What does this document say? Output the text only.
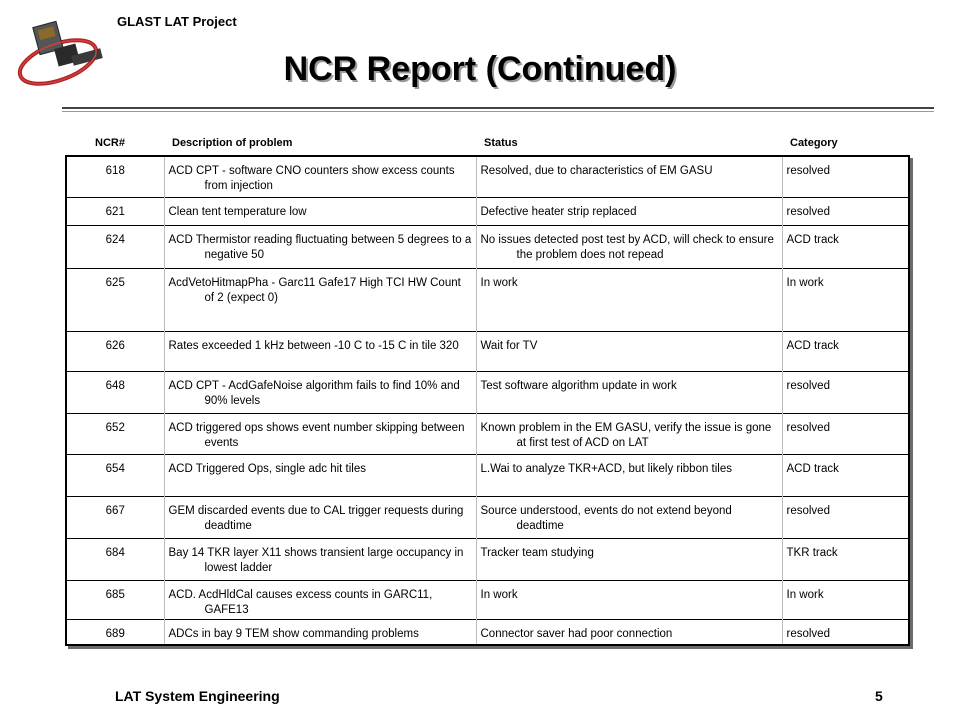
GLAST LAT Project
NCR Report (Continued)
NCR#	Description of problem	Status	Category
618	ACD CPT - software CNO counters show excess counts from injection	Resolved, due to characteristics of EM GASU	resolved
621	Clean tent temperature low	Defective heater strip replaced	resolved
624	ACD Thermistor reading fluctuating between 5 degrees to a negative 50	No issues detected post test by ACD, will check to ensure the problem does not repead	ACD track
625	AcdVetoHitmapPha - Garc11 Gafe17 High TCI HW Count of 2 (expect 0)	In work	In work
626	Rates exceeded 1 kHz between -10 C to -15 C in tile 320	Wait for TV	ACD track
648	ACD CPT - AcdGafeNoise algorithm fails to find 10% and 90% levels	Test software algorithm update in work	resolved
652	ACD triggered ops shows event number skipping between events	Known problem in the EM GASU, verify the issue is gone at first test of ACD on LAT	resolved
654	ACD Triggered Ops, single adc hit tiles	L.Wai to analyze TKR+ACD, but likely ribbon tiles	ACD track
667	GEM discarded events due to CAL trigger requests during deadtime	Source understood, events do not extend beyond deadtime	resolved
684	Bay 14 TKR layer X11 shows transient large occupancy in lowest ladder	Tracker team studying	TKR track
685	ACD. AcdHldCal causes excess counts in GARC11, GAFE13	In work	In work
689	ADCs in bay 9 TEM show commanding problems	Connector saver had poor connection	resolved
LAT System Engineering	5
